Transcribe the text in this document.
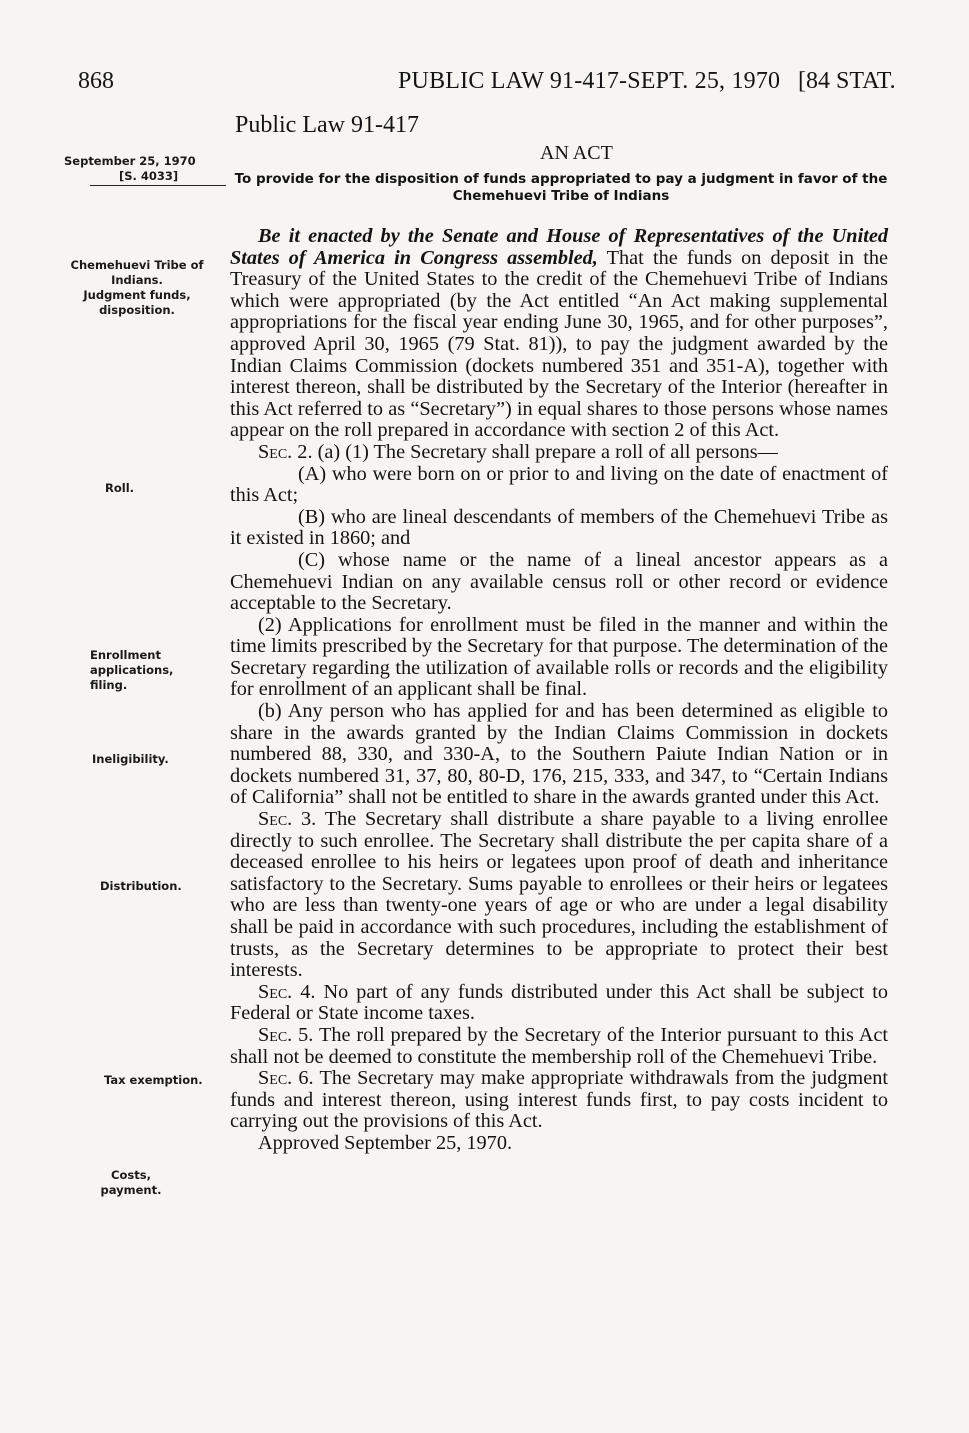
868	PUBLIC LAW 91-417-SEPT. 25, 1970 [84 STAT.
September 25, 1970
[S. 4033]
Chemehuevi Tribe of Indians.
Judgment funds, disposition.
Roll.
Enrollment applications, filing.
Ineligibility.
Distribution.
Tax exemption.
Costs, payment.
Public Law 91-417
AN ACT
To provide for the disposition of funds appropriated to pay a judgment in favor of the Chemehuevi Tribe of Indians

Be it enacted by the Senate and House of Representatives of the United States of America in Congress assembled, That the funds on deposit in the Treasury of the United States to the credit of the Chemehuevi Tribe of Indians which were appropriated (by the Act entitled “An Act making supplemental appropriations for the fiscal year ending June 30, 1965, and for other purposes”, approved April 30, 1965 (79 Stat. 81)), to pay the judgment awarded by the Indian Claims Commission (dockets numbered 351 and 351-A), together with interest thereon, shall be distributed by the Secretary of the Interior (hereafter in this Act referred to as “Secretary”) in equal shares to those persons whose names appear on the roll prepared in accordance with section 2 of this Act.

Sec. 2. (a) (1) The Secretary shall prepare a roll of all persons—

(A) who were born on or prior to and living on the date of enactment of this Act;

(B) who are lineal descendants of members of the Chemehuevi Tribe as it existed in 1860; and

(C) whose name or the name of a lineal ancestor appears as a Chemehuevi Indian on any available census roll or other record or evidence acceptable to the Secretary.

(2) Applications for enrollment must be filed in the manner and within the time limits prescribed by the Secretary for that purpose. The determination of the Secretary regarding the utilization of available rolls or records and the eligibility for enrollment of an applicant shall be final.

(b) Any person who has applied for and has been determined as eligible to share in the awards granted by the Indian Claims Commission in dockets numbered 88, 330, and 330-A, to the Southern Paiute Indian Nation or in dockets numbered 31, 37, 80, 80-D, 176, 215, 333, and 347, to “Certain Indians of California” shall not be entitled to share in the awards granted under this Act.

Sec. 3. The Secretary shall distribute a share payable to a living enrollee directly to such enrollee. The Secretary shall distribute the per capita share of a deceased enrollee to his heirs or legatees upon proof of death and inheritance satisfactory to the Secretary. Sums payable to enrollees or their heirs or legatees who are less than twenty-one years of age or who are under a legal disability shall be paid in accordance with such procedures, including the establishment of trusts, as the Secretary determines to be appropriate to protect their best interests.

Sec. 4. No part of any funds distributed under this Act shall be subject to Federal or State income taxes.

Sec. 5. The roll prepared by the Secretary of the Interior pursuant to this Act shall not be deemed to constitute the membership roll of the Chemehuevi Tribe.

Sec. 6. The Secretary may make appropriate withdrawals from the judgment funds and interest thereon, using interest funds first, to pay costs incident to carrying out the provisions of this Act.

Approved September 25, 1970.
